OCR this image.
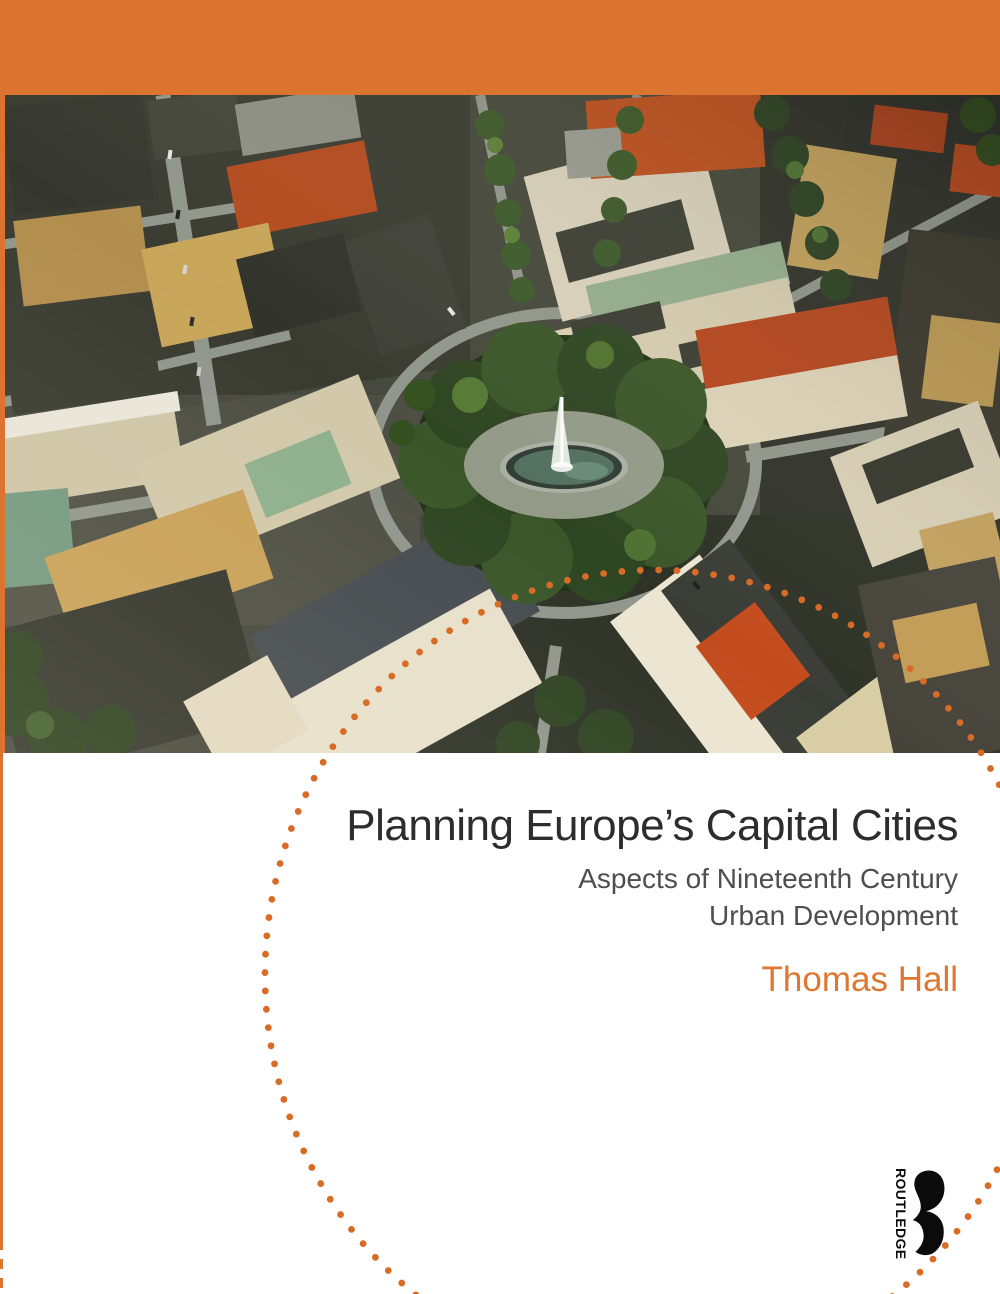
Planning Europe’s Capital Cities
Aspects of Nineteenth Century
Urban Development
Thomas Hall
ROUTLEDGE
